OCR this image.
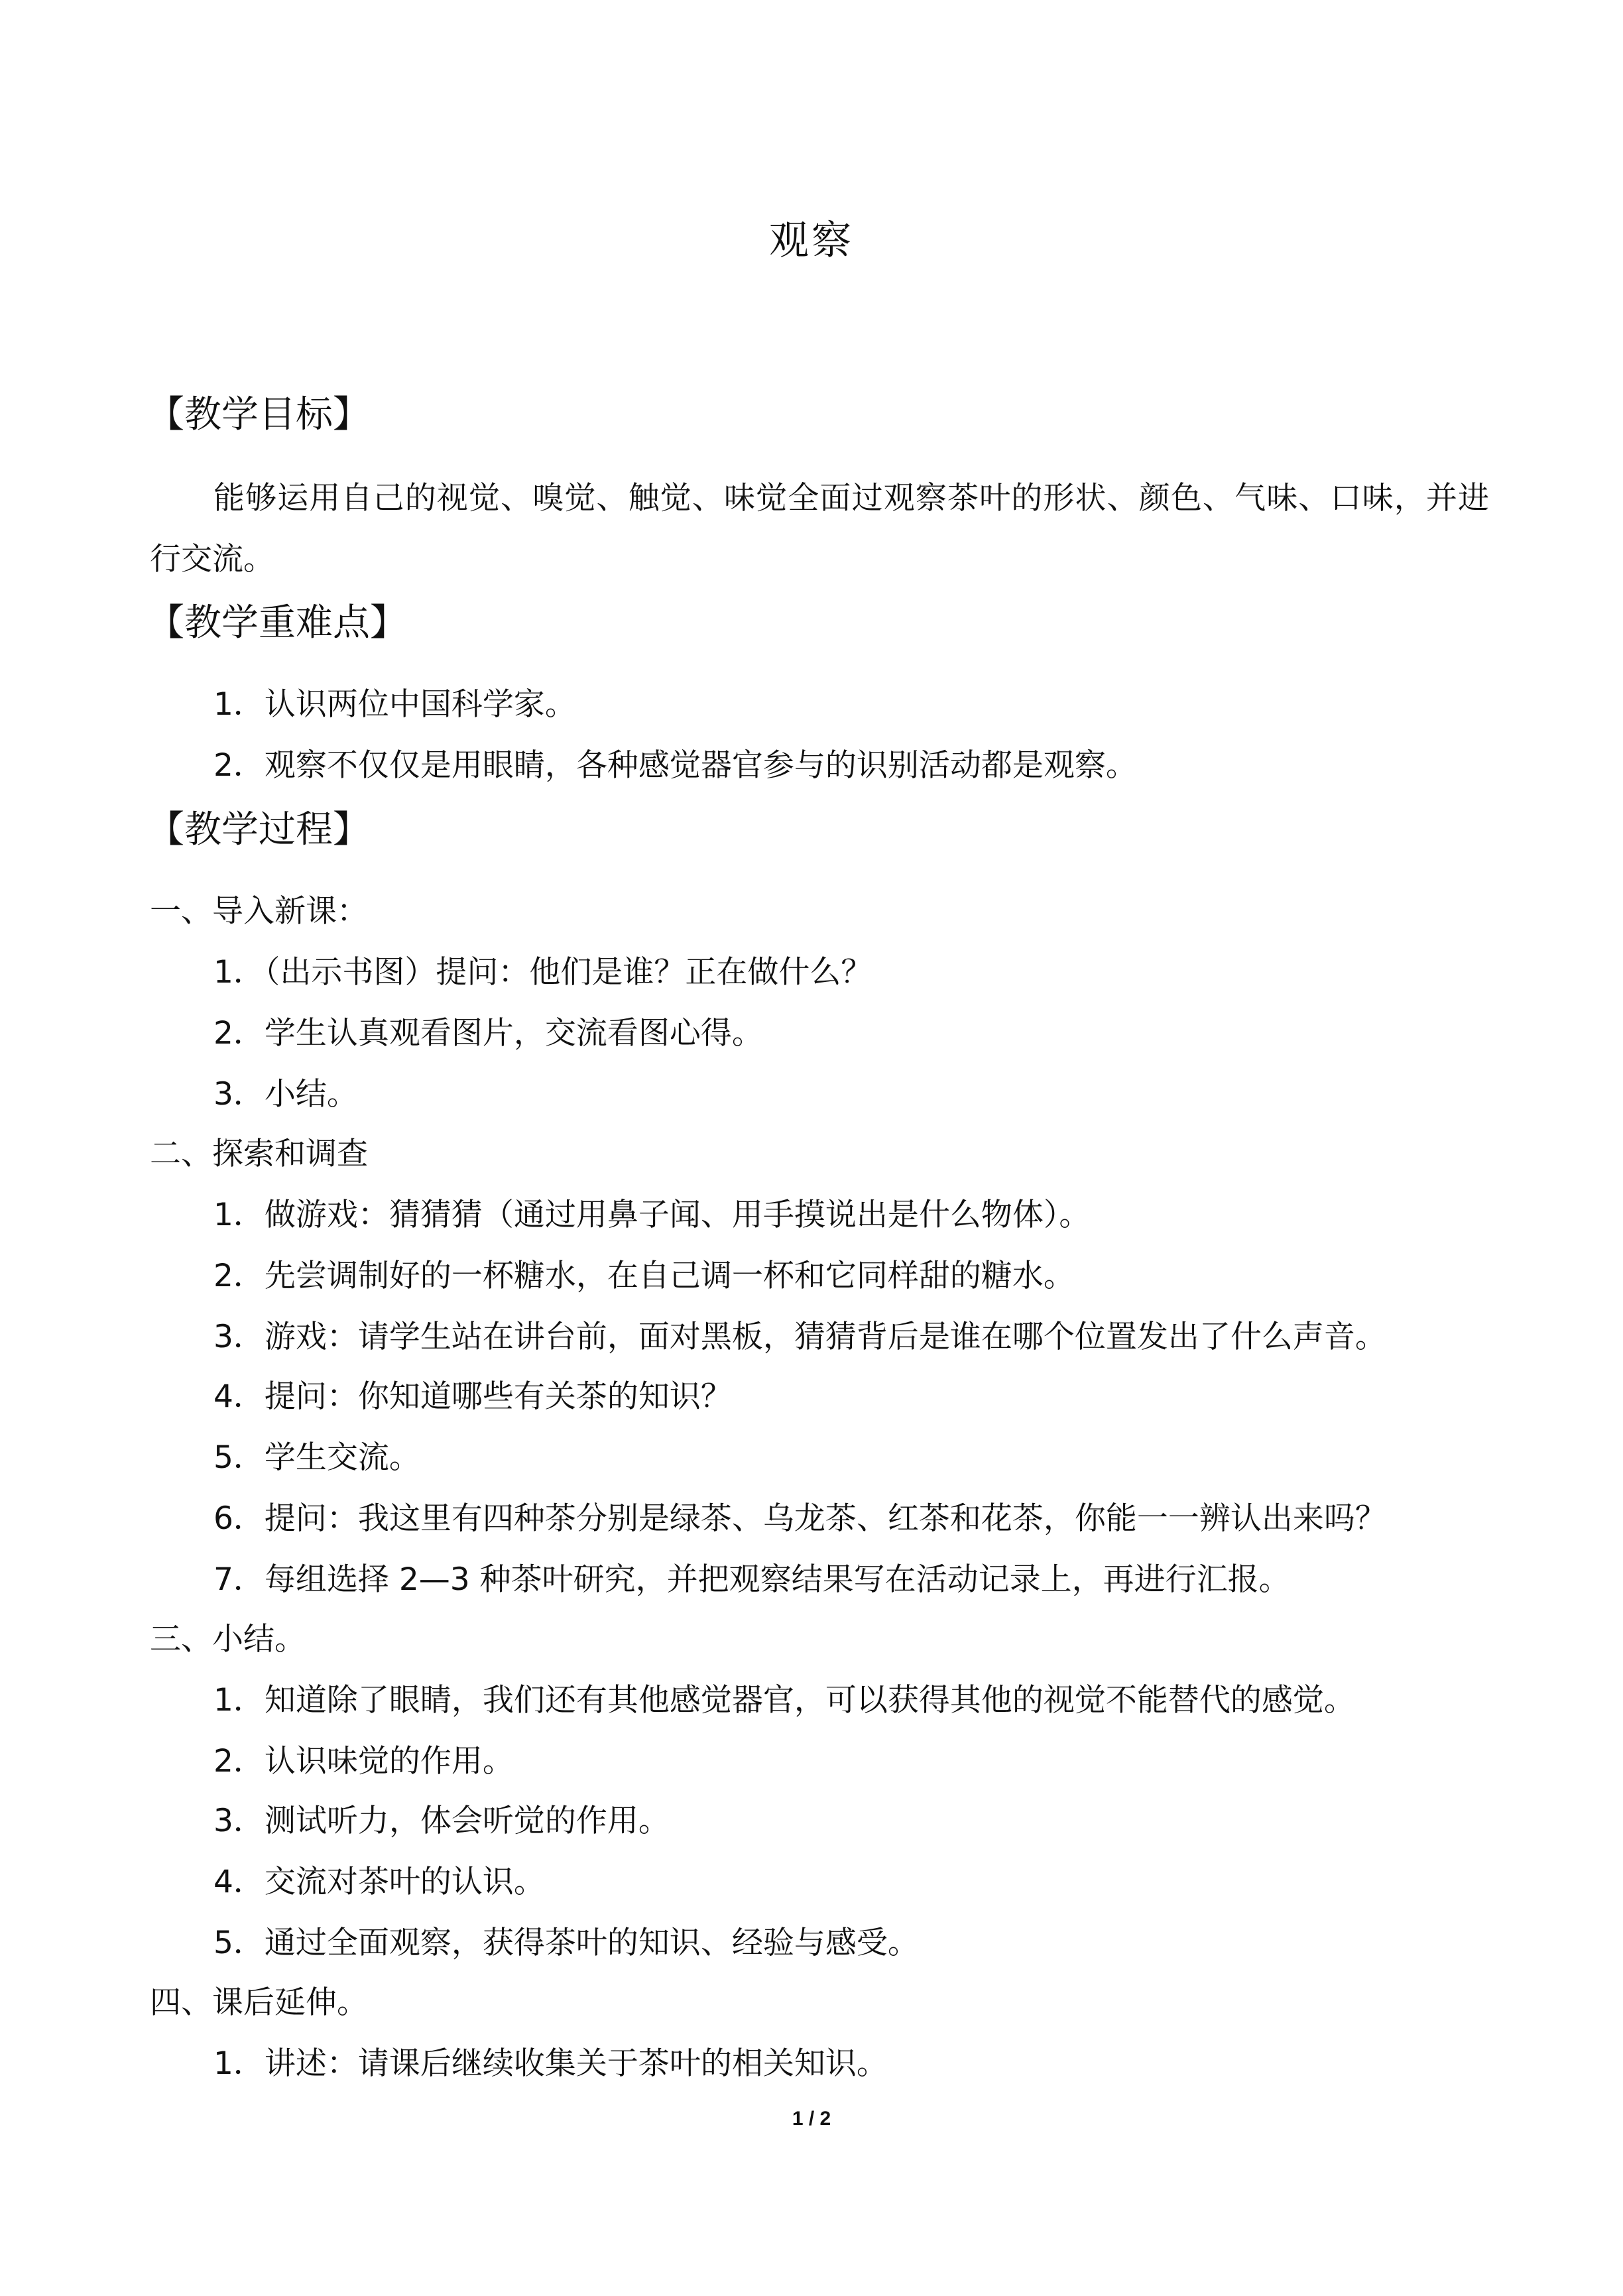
观察
【教学目标】
能够运用自己的视觉、嗅觉、触觉、味觉全面过观察茶叶的形状、颜色、气味、口味，并进行交流。
【教学重难点】
1．认识两位中国科学家。
2．观察不仅仅是用眼睛，各种感觉器官参与的识别活动都是观察。
【教学过程】
一、导入新课：
1．（出示书图）提问：他们是谁？正在做什么？
2．学生认真观看图片，交流看图心得。
3．小结。
二、探索和调查
1．做游戏：猜猜猜（通过用鼻子闻、用手摸说出是什么物体）。
2．先尝调制好的一杯糖水，在自己调一杯和它同样甜的糖水。
3．游戏：请学生站在讲台前，面对黑板，猜猜背后是谁在哪个位置发出了什么声音。
4．提问：你知道哪些有关茶的知识？
5．学生交流。
6．提问：我这里有四种茶分别是绿茶、乌龙茶、红茶和花茶，你能一一辨认出来吗？
7．每组选择 2—3 种茶叶研究，并把观察结果写在活动记录上，再进行汇报。
三、小结。
1．知道除了眼睛，我们还有其他感觉器官，可以获得其他的视觉不能替代的感觉。
2．认识味觉的作用。
3．测试听力，体会听觉的作用。
4．交流对茶叶的认识。
5．通过全面观察，获得茶叶的知识、经验与感受。
四、课后延伸。
1．讲述：请课后继续收集关于茶叶的相关知识。
1 / 2
